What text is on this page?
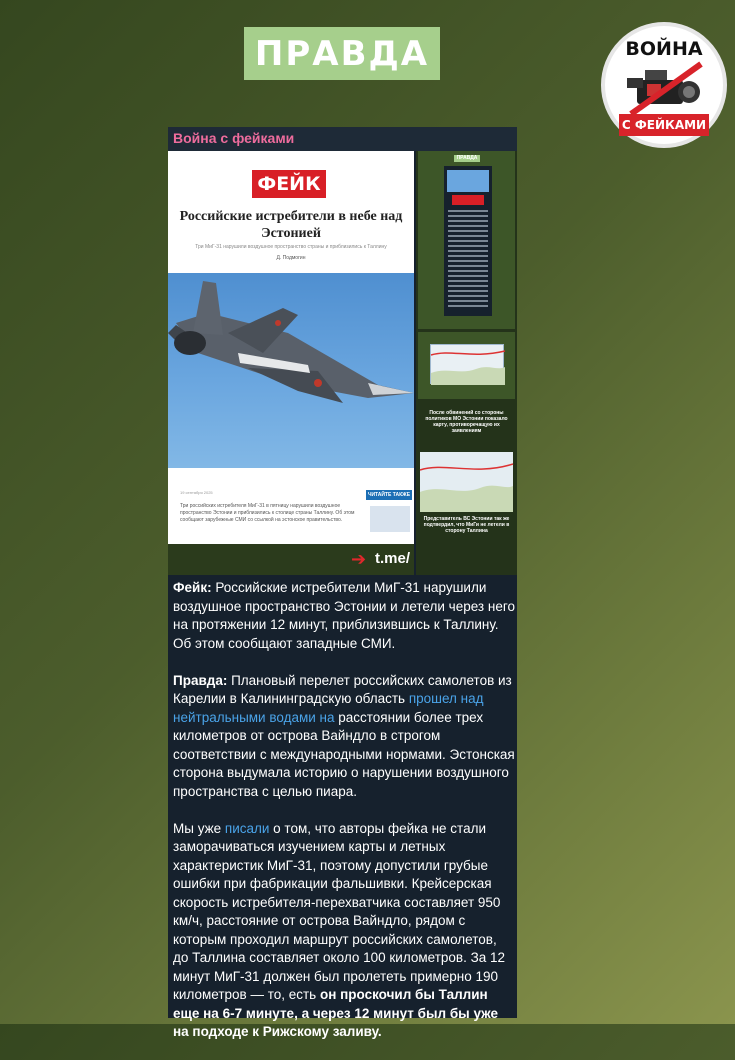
ПРАВДА	ВОЙНА
С ФЕЙКАМИ
Война с фейками
ФЕЙК
Российские истребители в небе над Эстонией
Три МиГ-31 нарушили воздушное пространство страны и приблизились к Таллину
Д. Подмогин
19 сентября 2025
Три российских истребителя МиГ-31 в пятницу нарушили воздушное пространство Эстонии и приблизились к столице страны Таллину. Об этом сообщают зарубежные СМИ со ссылкой на эстонское правительство.
ЧИТАЙТЕ ТАКЖЕ
➔ t.me/
ПРАВДА
После обвинений со стороны политиков МО Эстонии показало карту, противоречащую их заявлениям
Представитель ВС Эстонии так же подтвердил, что МиГи не летели в сторону Таллина

Фейк: Российские истребители МиГ-31 нарушили воздушное пространство Эстонии и летели через него на протяжении 12 минут, приблизившись к Таллину. Об этом сообщают западные СМИ.

Правда: Плановый перелет российских самолетов из Карелии в Калининградскую область прошел над нейтральными водами на расстоянии более трех километров от острова Вайндло в строгом соответствии с международными нормами. Эстонская сторона выдумала историю о нарушении воздушного пространства с целью пиара.

Мы уже писали о том, что авторы фейка не стали заморачиваться изучением карты и летных характеристик МиГ-31, поэтому допустили грубые ошибки при фабрикации фальшивки. Крейсерская скорость истребителя-перехватчика составляет 950 км/ч, расстояние от острова Вайндло, рядом с которым проходил маршрут российских самолетов, до Таллина составляет около 100 километров. За 12 минут МиГ-31 должен был пролететь примерно 190 километров — то, есть он проскочил бы Таллин еще на 6-7 минуте, а через 12 минут был бы уже на подходе к Рижскому заливу.
